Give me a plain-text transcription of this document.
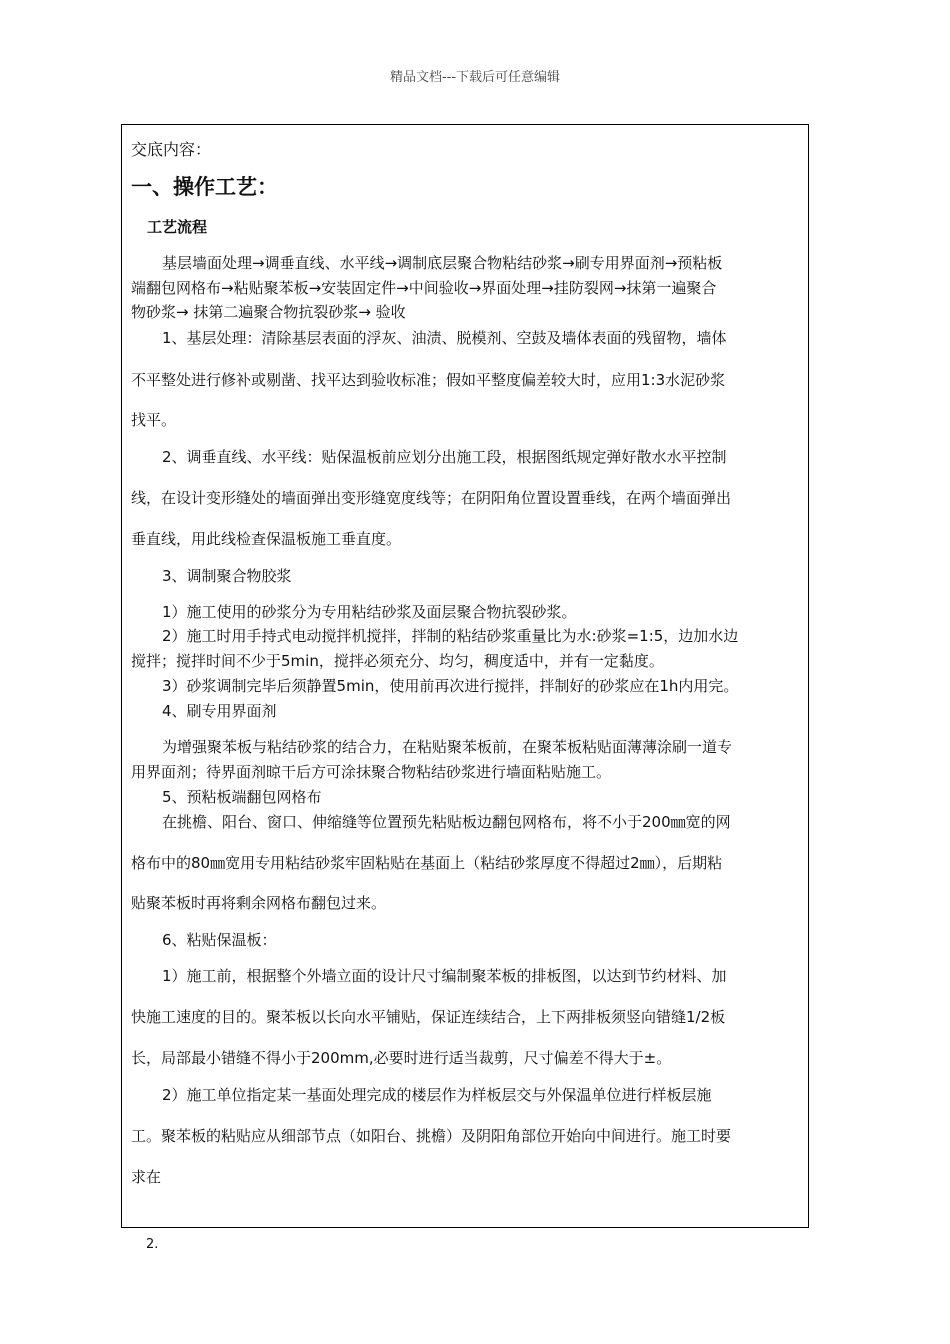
精品文档---下载后可任意编辑
交底内容：
一、操作工艺：
工艺流程
基层墙面处理→调垂直线、水平线→调制底层聚合物粘结砂浆→刷专用界面剂→预粘板
端翻包网格布→粘贴聚苯板→安装固定件→中间验收→界面处理→挂防裂网→抹第一遍聚合
物砂浆→ 抹第二遍聚合物抗裂砂浆→ 验收
1、基层处理：清除基层表面的浮灰、油渍、脱模剂、空鼓及墙体表面的残留物，墙体
不平整处进行修补或剔凿、找平达到验收标准；假如平整度偏差较大时，应用1:3水泥砂浆
找平。
2、调垂直线、水平线：贴保温板前应划分出施工段，根据图纸规定弹好散水水平控制
线，在设计变形缝处的墙面弹出变形缝宽度线等；在阴阳角位置设置垂线，在两个墙面弹出
垂直线，用此线检查保温板施工垂直度。
3、调制聚合物胶浆
1）施工使用的砂浆分为专用粘结砂浆及面层聚合物抗裂砂浆。
2）施工时用手持式电动搅拌机搅拌，拌制的粘结砂浆重量比为水:砂浆=1:5，边加水边
搅拌；搅拌时间不少于5min，搅拌必须充分、均匀，稠度适中，并有一定黏度。
3）砂浆调制完毕后须静置5min，使用前再次进行搅拌，拌制好的砂浆应在1h内用完。
4、刷专用界面剂
为增强聚苯板与粘结砂浆的结合力，在粘贴聚苯板前，在聚苯板粘贴面薄薄涂刷一道专
用界面剂；待界面剂晾干后方可涂抹聚合物粘结砂浆进行墙面粘贴施工。
5、预粘板端翻包网格布
在挑檐、阳台、窗口、伸缩缝等位置预先粘贴板边翻包网格布，将不小于200㎜宽的网
格布中的80㎜宽用专用粘结砂浆牢固粘贴在基面上（粘结砂浆厚度不得超过2㎜），后期粘
贴聚苯板时再将剩余网格布翻包过来。
6、粘贴保温板：
1）施工前，根据整个外墙立面的设计尺寸编制聚苯板的排板图，以达到节约材料、加
快施工速度的目的。聚苯板以长向水平铺贴，保证连续结合，上下两排板须竖向错缝1/2板
长，局部最小错缝不得小于200mm,必要时进行适当裁剪，尺寸偏差不得大于±。
2）施工单位指定某一基面处理完成的楼层作为样板层交与外保温单位进行样板层施
工。聚苯板的粘贴应从细部节点（如阳台、挑檐）及阴阳角部位开始向中间进行。施工时要
求在
2.
